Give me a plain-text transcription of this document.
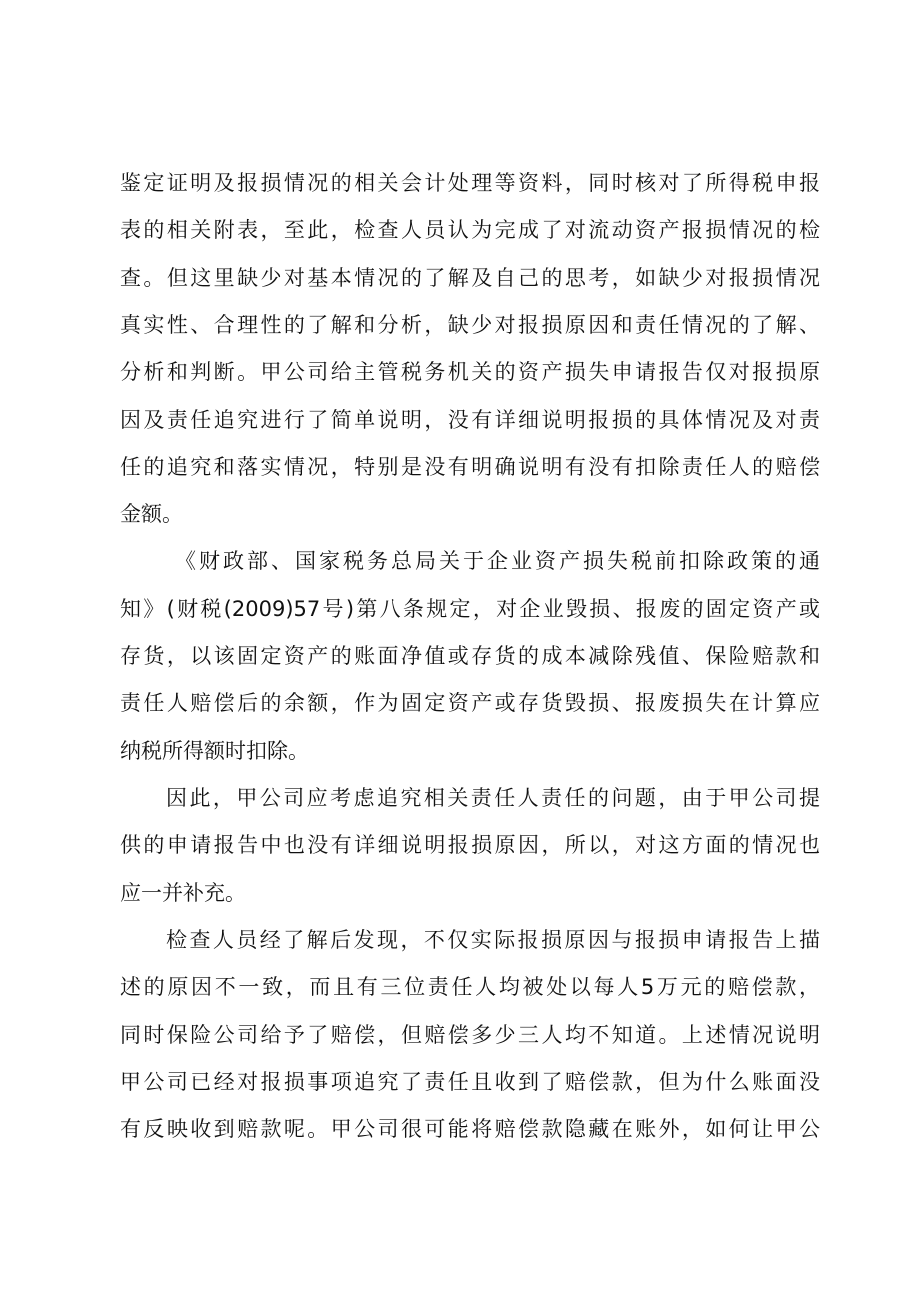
鉴定证明及报损情况的相关会计处理等资料，同时核对了所得税申报
表的相关附表，至此，检查人员认为完成了对流动资产报损情况的检
查。但这里缺少对基本情况的了解及自己的思考，如缺少对报损情况
真实性、合理性的了解和分析，缺少对报损原因和责任情况的了解、
分析和判断。甲公司给主管税务机关的资产损失申请报告仅对报损原
因及责任追究进行了简单说明，没有详细说明报损的具体情况及对责
任的追究和落实情况，特别是没有明确说明有没有扣除责任人的赔偿
金额。
《财政部、国家税务总局关于企业资产损失税前扣除政策的通
知》(财税(2009)57号)第八条规定，对企业毁损、报废的固定资产或
存货，以该固定资产的账面净值或存货的成本减除残值、保险赔款和
责任人赔偿后的余额，作为固定资产或存货毁损、报废损失在计算应
纳税所得额时扣除。
因此，甲公司应考虑追究相关责任人责任的问题，由于甲公司提
供的申请报告中也没有详细说明报损原因，所以，对这方面的情况也
应一并补充。
检查人员经了解后发现，不仅实际报损原因与报损申请报告上描
述的原因不一致，而且有三位责任人均被处以每人5万元的赔偿款，
同时保险公司给予了赔偿，但赔偿多少三人均不知道。上述情况说明
甲公司已经对报损事项追究了责任且收到了赔偿款，但为什么账面没
有反映收到赔款呢。甲公司很可能将赔偿款隐藏在账外，如何让甲公
